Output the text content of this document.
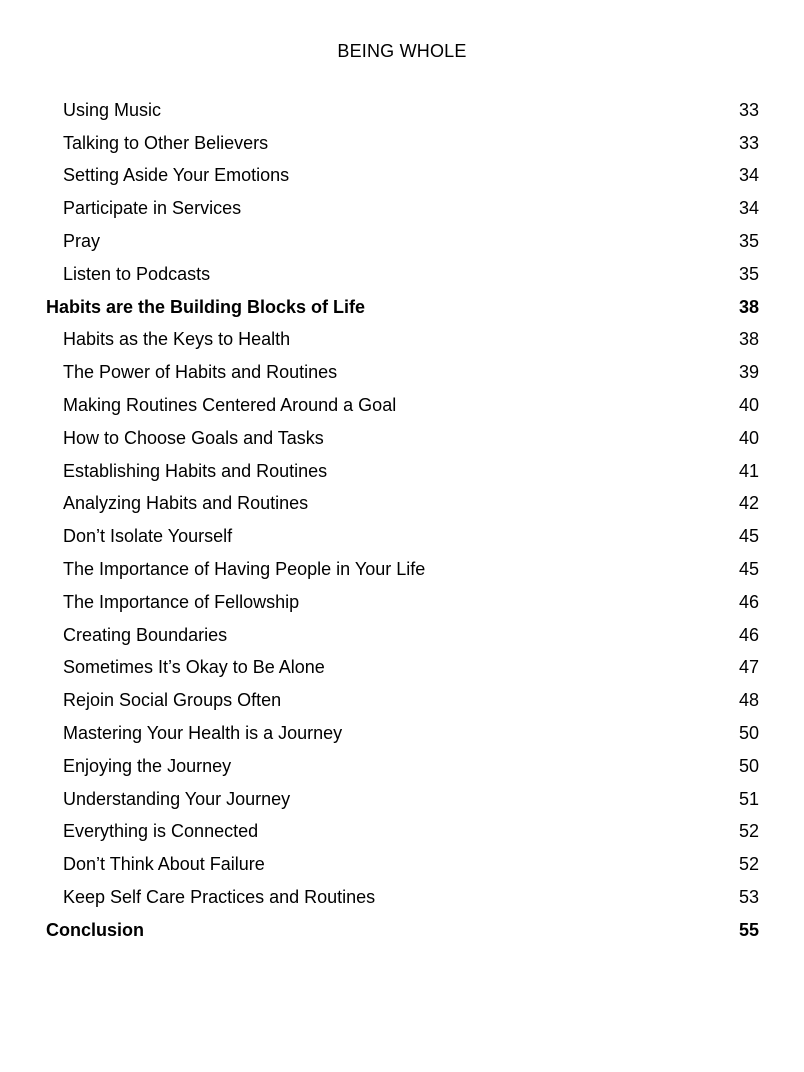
BEING WHOLE
Using Music	33
Talking to Other Believers	33
Setting Aside Your Emotions	34
Participate in Services	34
Pray	35
Listen to Podcasts	35
Habits are the Building Blocks of Life	38
Habits as the Keys to Health	38
The Power of Habits and Routines	39
Making Routines Centered Around a Goal	40
How to Choose Goals and Tasks	40
Establishing Habits and Routines	41
Analyzing Habits and Routines	42
Don’t Isolate Yourself	45
The Importance of Having People in Your Life	45
The Importance of Fellowship	46
Creating Boundaries	46
Sometimes It’s Okay to Be Alone	47
Rejoin Social Groups Often	48
Mastering Your Health is a Journey	50
Enjoying the Journey	50
Understanding Your Journey	51
Everything is Connected	52
Don’t Think About Failure	52
Keep Self Care Practices and Routines	53
Conclusion	55
